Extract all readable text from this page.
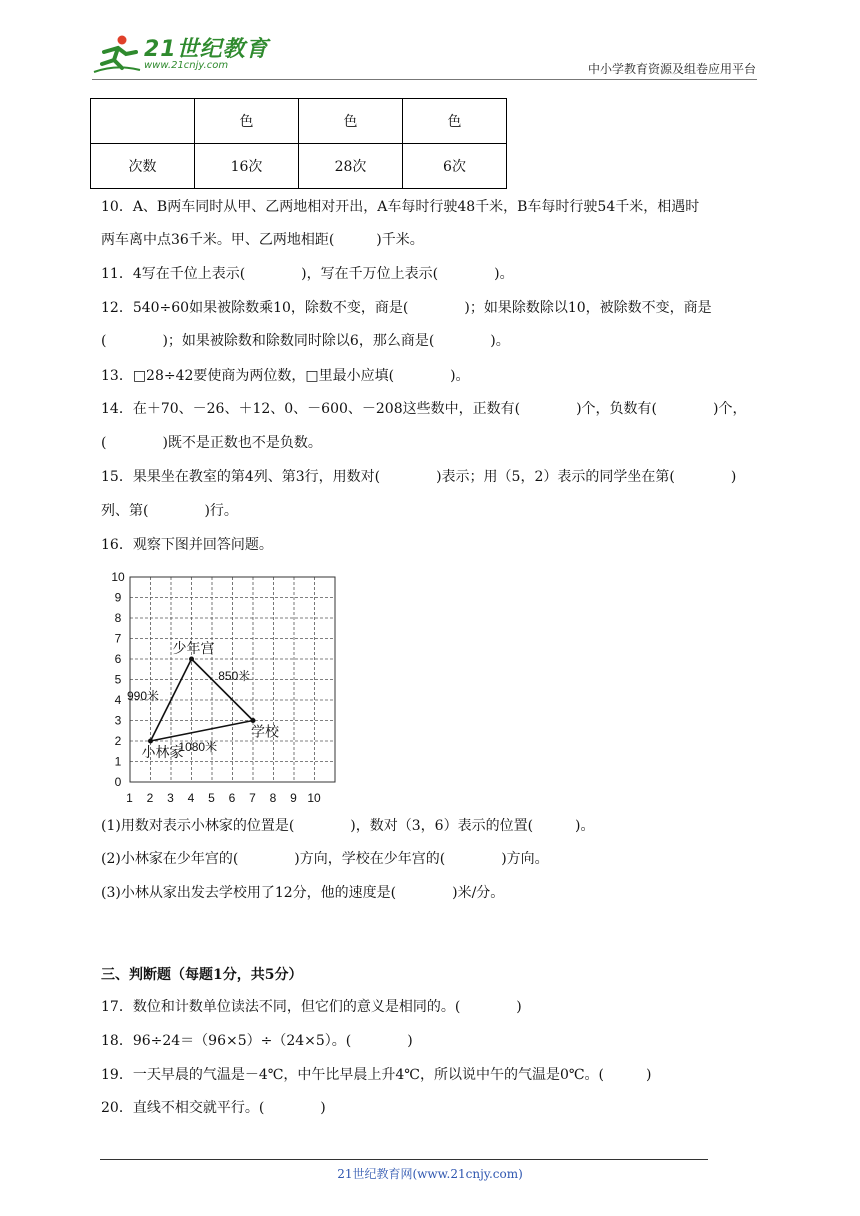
21世纪教育
www.21cnjy.com	中小学教育资源及组卷应用平台
	色	色	色
次数	16次	28次	6次
10．A、B两车同时从甲、乙两地相对开出，A车每时行驶48千米，B车每时行驶54千米，相遇时
两车离中点36千米。甲、乙两地相距(　　　)千米。
11．4写在千位上表示(　　　　)，写在千万位上表示(　　　　)。
12．540÷60如果被除数乘10，除数不变，商是(　　　　)；如果除数除以10，被除数不变，商是
(　　　　)；如果被除数和除数同时除以6，那么商是(　　　　)。
13．□28÷42要使商为两位数，□里最小应填(　　　　)。
14．在＋70、－26、＋12、0、－600、－208这些数中，正数有(　　　　)个，负数有(　　　　)个，
(　　　　)既不是正数也不是负数。
15．果果坐在教室的第4列、第3行，用数对(　　　　)表示；用（5，2）表示的同学坐在第(　　　　)
列、第(　　　　)行。
16．观察下图并回答问题。
1 2 3 4 5 6 7 8 9 10
0
1
2
3
4
5
6
7
8
9
10
990米
850米
1080米
小林家
少年宫
学校
(1)用数对表示小林家的位置是(　　　　)，数对（3，6）表示的位置(　　　)。
(2)小林家在少年宫的(　　　　)方向，学校在少年宫的(　　　　)方向。
(3)小林从家出发去学校用了12分，他的速度是(　　　　)米/分。
三、判断题（每题1分，共5分）
17．数位和计数单位读法不同，但它们的意义是相同的。(　　　　)
18．96÷24＝（96×5）÷（24×5）。(　　　　)
19．一天早晨的气温是－4℃，中午比早晨上升4℃，所以说中午的气温是0℃。(　　　)
20．直线不相交就平行。(　　　　)
21世纪教育网(www.21cnjy.com)
